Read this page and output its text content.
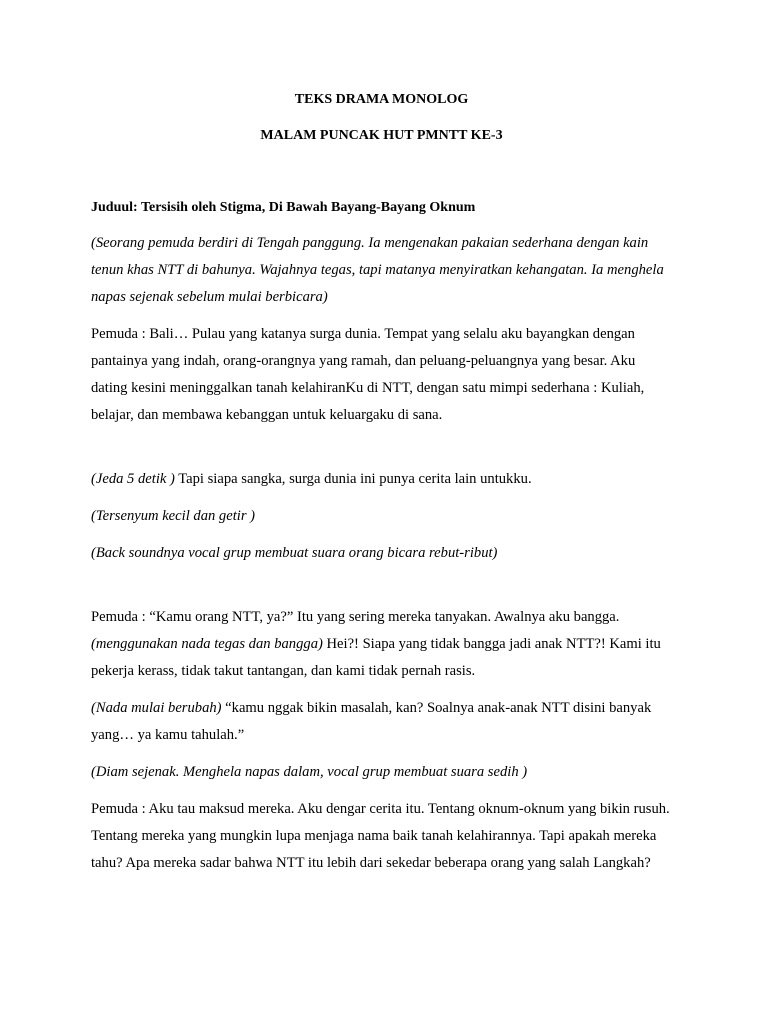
TEKS DRAMA MONOLOG
MALAM PUNCAK HUT PMNTT KE-3
Juduul: Tersisih oleh Stigma, Di Bawah Bayang-Bayang Oknum

(Seorang pemuda berdiri di Tengah panggung. Ia mengenakan pakaian sederhana dengan kain tenun khas NTT di bahunya. Wajahnya tegas, tapi matanya menyiratkan kehangatan. Ia menghela napas sejenak sebelum mulai berbicara)

Pemuda : Bali… Pulau yang katanya surga dunia. Tempat yang selalu aku bayangkan dengan pantainya yang indah, orang-orangnya yang ramah, dan peluang-peluangnya yang besar. Aku dating kesini meninggalkan tanah kelahiranKu di NTT, dengan satu mimpi sederhana : Kuliah, belajar, dan membawa kebanggan untuk keluargaku di sana.

(Jeda 5 detik ) Tapi siapa sangka, surga dunia ini punya cerita lain untukku.

(Tersenyum kecil dan getir )

(Back soundnya vocal grup membuat suara orang bicara rebut-ribut)

Pemuda : “Kamu orang NTT, ya?” Itu yang sering mereka tanyakan. Awalnya aku bangga. (menggunakan nada tegas dan bangga) Hei?! Siapa yang tidak bangga jadi anak NTT?! Kami itu pekerja kerass, tidak takut tantangan, dan kami tidak pernah rasis.

(Nada mulai berubah) “kamu nggak bikin masalah, kan? Soalnya anak-anak NTT disini banyak yang… ya kamu tahulah.”

(Diam sejenak. Menghela napas dalam, vocal grup membuat suara sedih )

Pemuda : Aku tau maksud mereka. Aku dengar cerita itu. Tentang oknum-oknum yang bikin rusuh. Tentang mereka yang mungkin lupa menjaga nama baik tanah kelahirannya. Tapi apakah mereka tahu? Apa mereka sadar bahwa NTT itu lebih dari sekedar beberapa orang yang salah Langkah?
